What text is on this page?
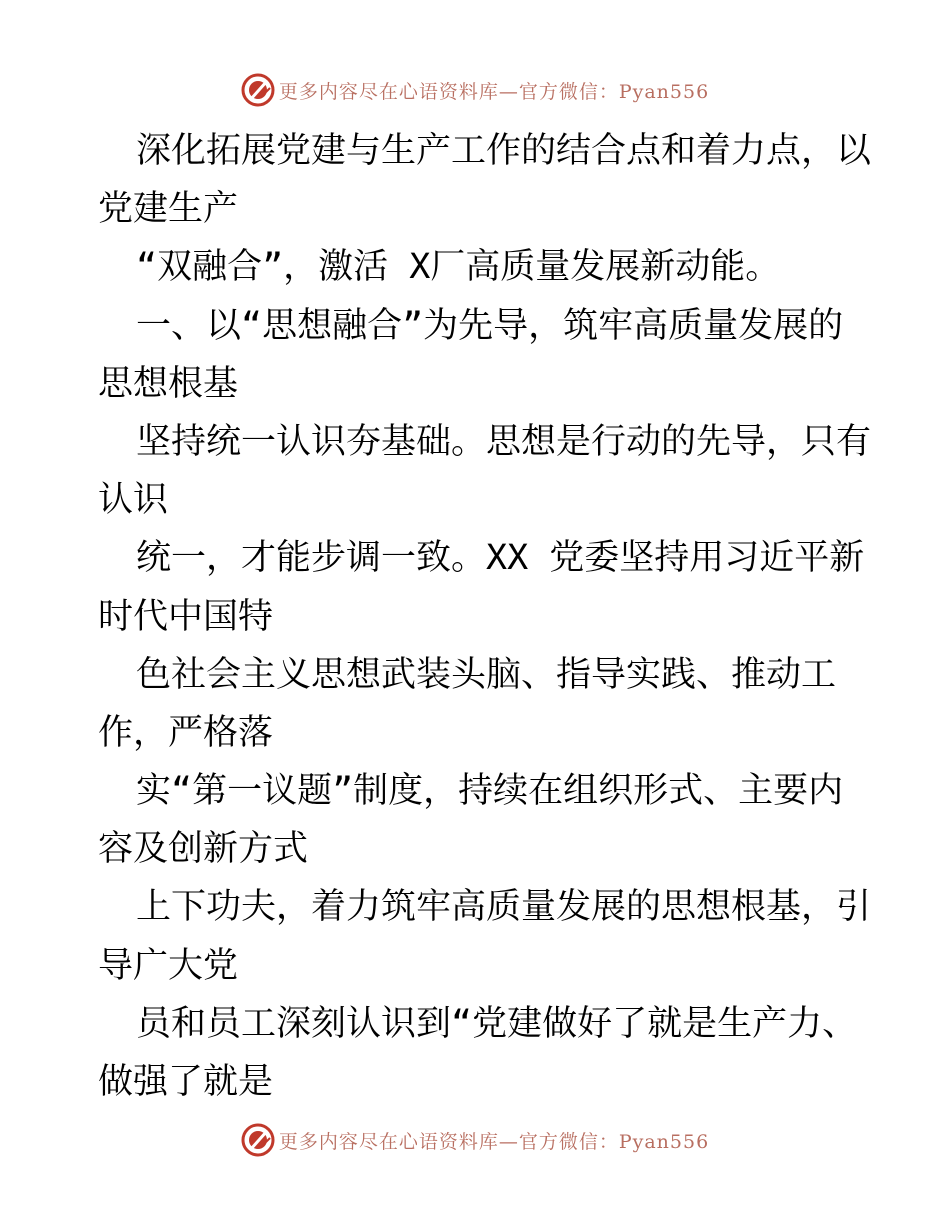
更多内容尽在心语资料库—官方微信：Pyan556
深化拓展党建与生产工作的结合点和着力点，以
党建生产
“双融合”，激活 X厂高质量发展新动能。
一、以“思想融合”为先导，筑牢高质量发展的
思想根基
坚持统一认识夯基础。思想是行动的先导，只有
认识
统一，才能步调一致。XX 党委坚持用习近平新
时代中国特
色社会主义思想武装头脑、指导实践、推动工
作，严格落
实“第一议题”制度，持续在组织形式、主要内
容及创新方式
上下功夫，着力筑牢高质量发展的思想根基，引
导广大党
员和员工深刻认识到“党建做好了就是生产力、
做强了就是
更多内容尽在心语资料库—官方微信：Pyan556
